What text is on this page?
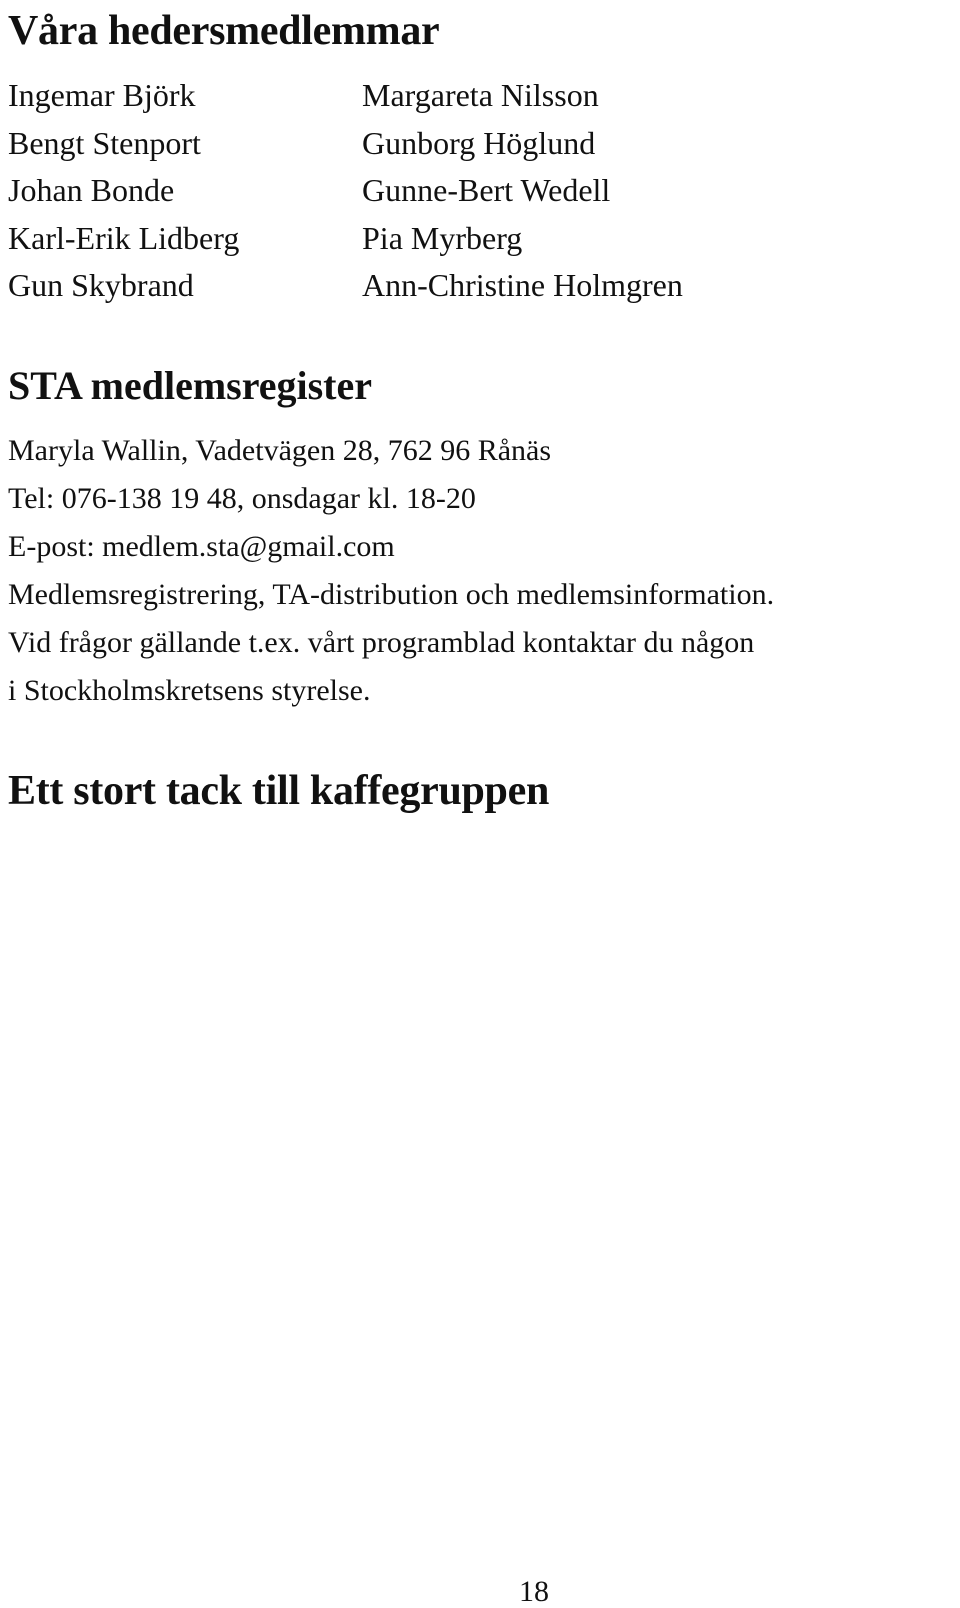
Våra hedersmedlemmar
Ingemar Björk
Bengt Stenport
Johan Bonde
Karl-Erik Lidberg
Gun Skybrand
Margareta Nilsson
Gunborg Höglund
Gunne-Bert Wedell
Pia Myrberg
Ann-Christine Holmgren
STA medlemsregister
Maryla Wallin, Vadetvägen 28, 762 96 Rånäs
Tel: 076-138 19 48, onsdagar kl. 18-20
E-post: medlem.sta@gmail.com
Medlemsregistrering, TA-distribution och medlemsinformation.
Vid frågor gällande t.ex. vårt programblad kontaktar du någon
i Stockholmskretsens styrelse.
Ett stort tack till kaffegruppen
18
